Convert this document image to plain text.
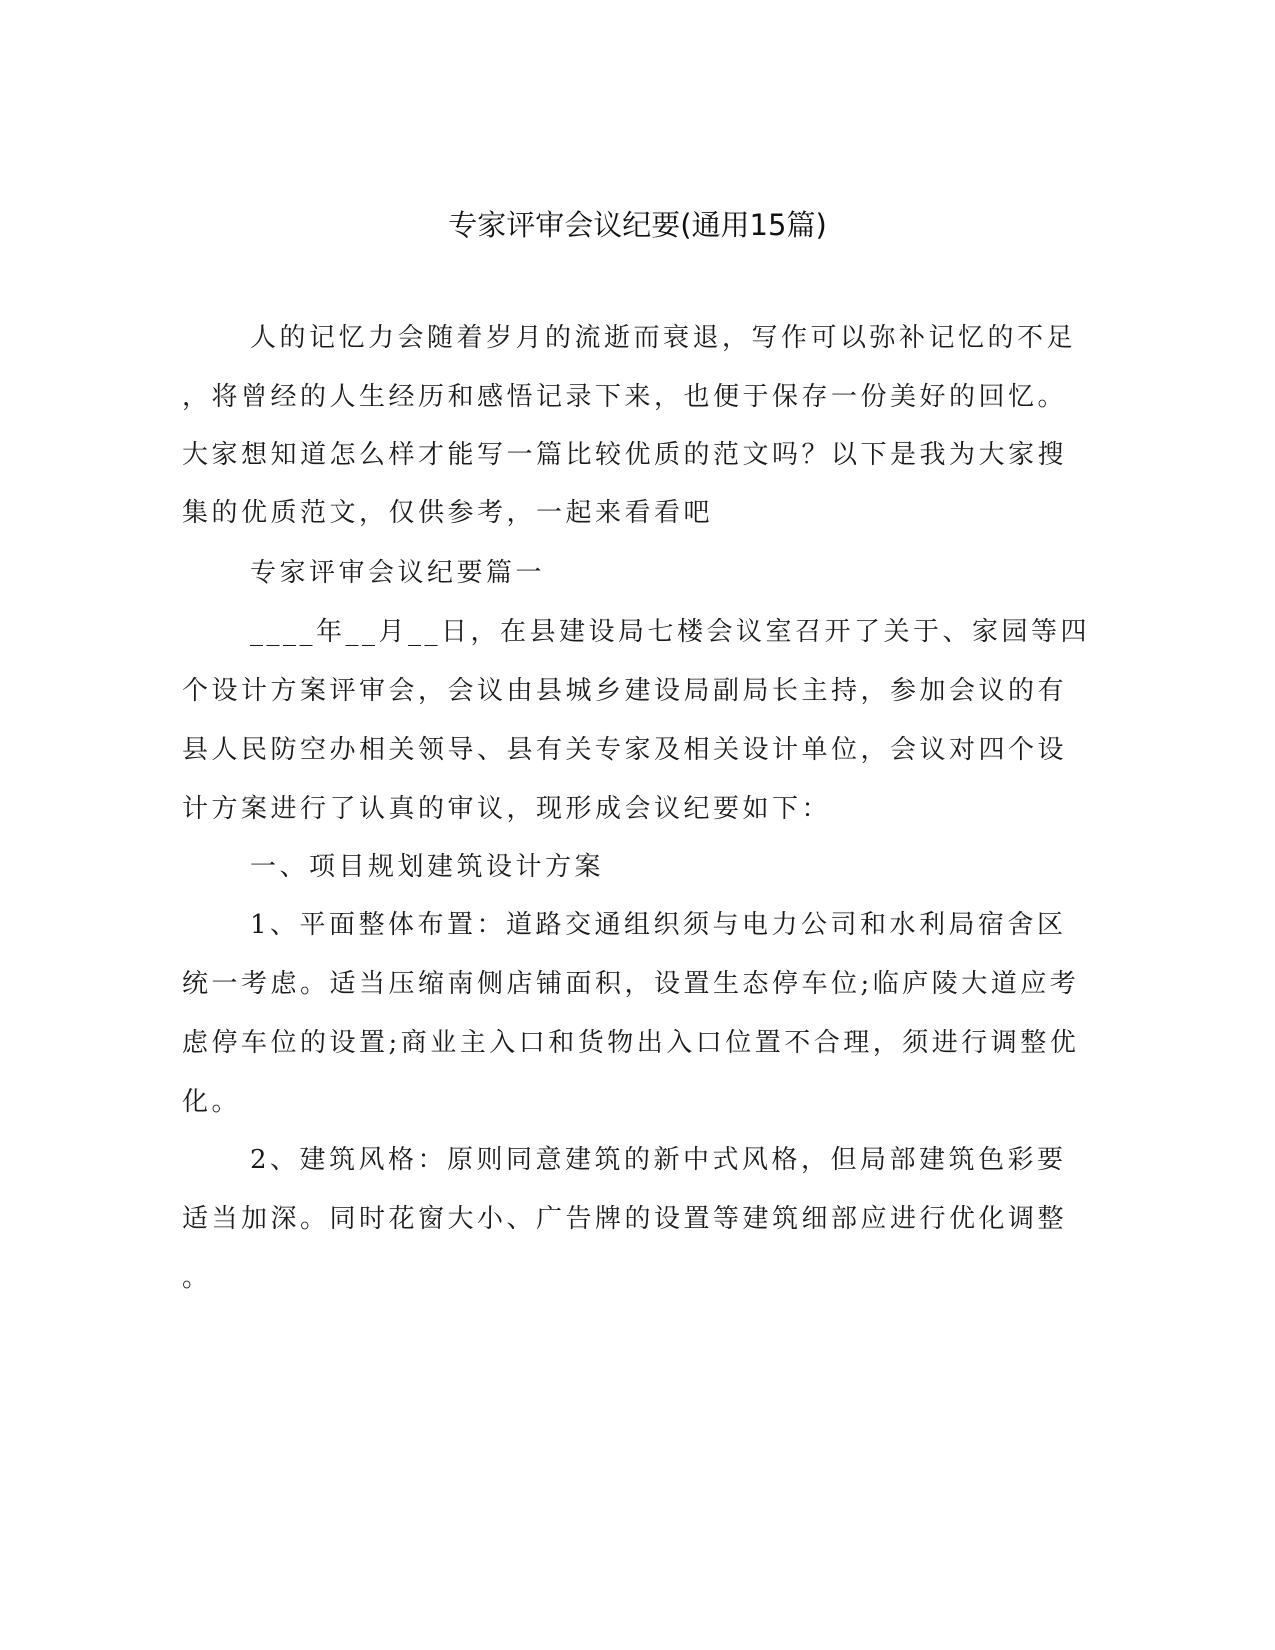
专家评审会议纪要(通用15篇)
人的记忆力会随着岁月的流逝而衰退，写作可以弥补记忆的不足
，将曾经的人生经历和感悟记录下来，也便于保存一份美好的回忆。
大家想知道怎么样才能写一篇比较优质的范文吗？以下是我为大家搜
集的优质范文，仅供参考，一起来看看吧
专家评审会议纪要篇一
____年__月__日，在县建设局七楼会议室召开了关于、家园等四
个设计方案评审会，会议由县城乡建设局副局长主持，参加会议的有
县人民防空办相关领导、县有关专家及相关设计单位，会议对四个设
计方案进行了认真的审议，现形成会议纪要如下：
一、项目规划建筑设计方案
1、平面整体布置：道路交通组织须与电力公司和水利局宿舍区
统一考虑。适当压缩南侧店铺面积，设置生态停车位;临庐陵大道应考
虑停车位的设置;商业主入口和货物出入口位置不合理，须进行调整优
化。
2、建筑风格：原则同意建筑的新中式风格，但局部建筑色彩要
适当加深。同时花窗大小、广告牌的设置等建筑细部应进行优化调整
。
